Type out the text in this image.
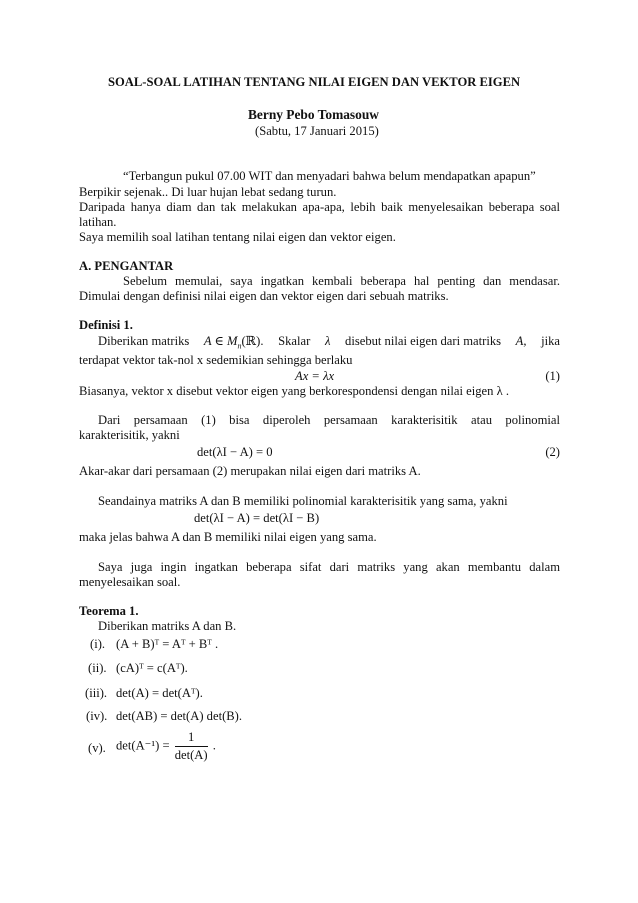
SOAL-SOAL LATIHAN TENTANG NILAI EIGEN DAN VEKTOR EIGEN
Berny Pebo Tomasouw
(Sabtu, 17 Januari 2015)
“Terbangun pukul 07.00 WIT dan menyadari bahwa belum mendapatkan apapun”
Berpikir sejenak.. Di luar hujan lebat sedang turun.
Daripada hanya diam dan tak melakukan apa-apa, lebih baik menyelesaikan beberapa soal
latihan.
Saya memilih soal latihan tentang nilai eigen dan vektor eigen.
A. PENGANTAR
Sebelum memulai, saya ingatkan kembali beberapa hal penting dan mendasar.
Dimulai dengan definisi nilai eigen dan vektor eigen dari sebuah matriks.
Definisi 1.
Diberikan matriks A ∈ $M_n(ℝ)$. Skalar λ disebut nilai eigen dari matriks A, jika
terdapat vektor tak-nol x sedemikian sehingga berlaku
Ax = λx	(1)
Biasanya, vektor x disebut vektor eigen yang berkorespondensi dengan nilai eigen λ .
Dari persamaan (1) bisa diperoleh persamaan karakterisitik atau polinomial
karakterisitik, yakni
det(λI − A) = 0	(2)
Akar-akar dari persamaan (2) merupakan nilai eigen dari matriks A.
Seandainya matriks A dan B memiliki polinomial karakterisitik yang sama, yakni
det(λI − A) = det(λI − B)
maka jelas bahwa A dan B memiliki nilai eigen yang sama.
Saya juga ingin ingatkan beberapa sifat dari matriks yang akan membantu dalam
menyelesaikan soal.
Teorema 1.
Diberikan matriks A dan B.
(i). (A + B)ᵀ = Aᵀ + Bᵀ .
(ii). (cA)ᵀ = c(Aᵀ).
(iii). det(A) = det(Aᵀ).
(iv). det(AB) = det(A) det(B).
(v). $\det(A^{-1}) = \frac{1}{\det(A)}$ .
